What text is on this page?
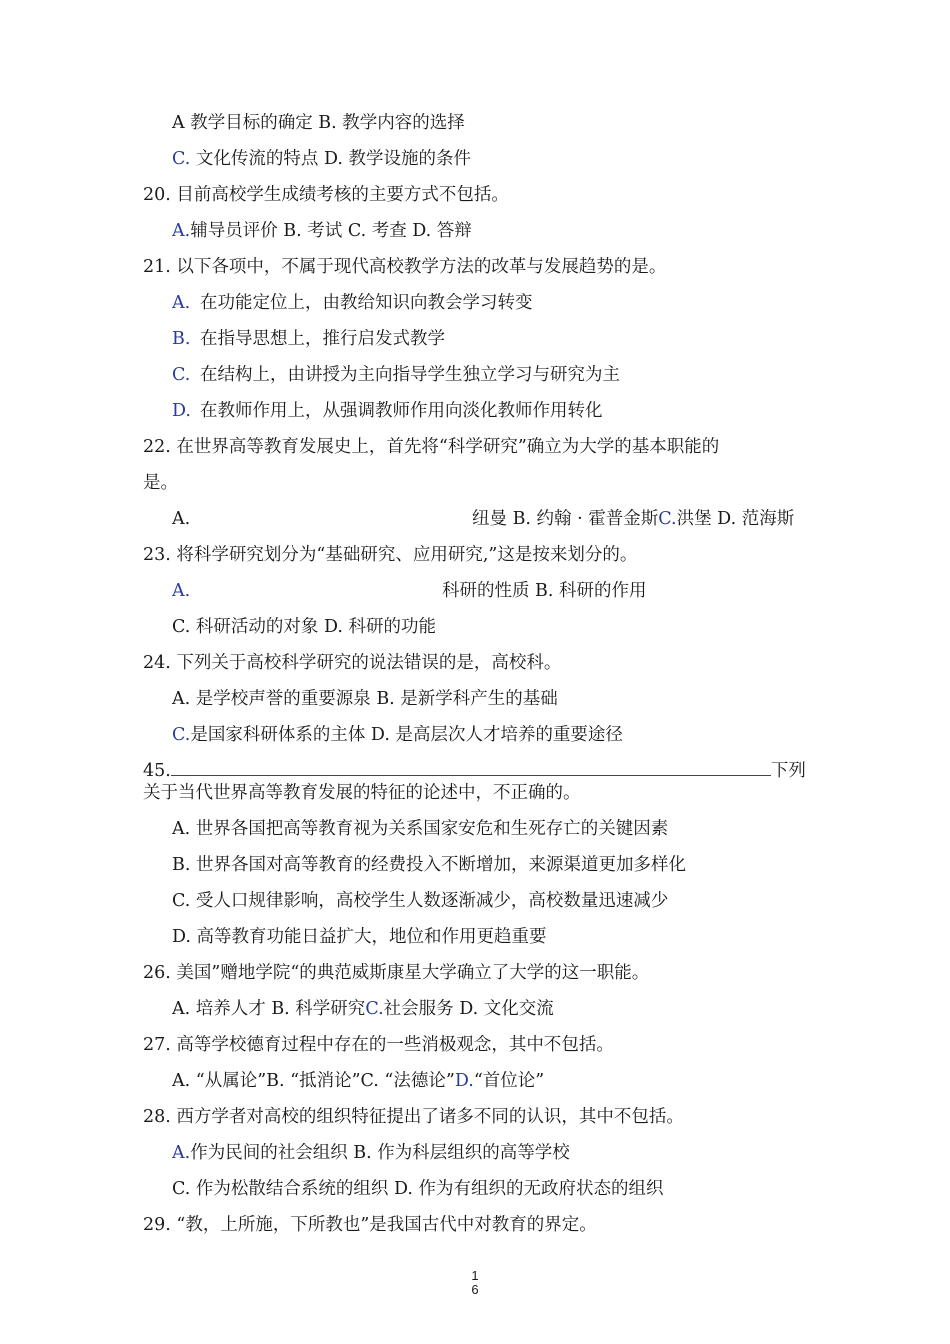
A 教学目标的确定 B. 教学内容的选择
C. 文化传流的特点 D. 教学设施的条件
20. 目前高校学生成绩考核的主要方式不包括。
A.辅导员评价 B. 考试 C. 考查 D. 答辩
21. 以下各项中，不属于现代高校教学方法的改革与发展趋势的是。
A. 在功能定位上，由教给知识向教会学习转变
B. 在指导思想上，推行启发式教学
C. 在结构上，由讲授为主向指导学生独立学习与研究为主
D. 在教师作用上，从强调教师作用向淡化教师作用转化
22. 在世界高等教育发展史上，首先将“科学研究”确立为大学的基本职能的
是。
A.	纽曼 B. 约翰 · 霍普金斯C.洪堡 D. 范海斯
23. 将科学研究划分为“基础研究、应用研究,”这是按来划分的。
A.	科研的性质 B. 科研的作用
C. 科研活动的对象 D. 科研的功能
24. 下列关于高校科学研究的说法错误的是，高校科。
A. 是学校声誉的重要源泉 B. 是新学科产生的基础
C.是国家科研体系的主体 D. 是高层次人才培养的重要途径
45.	下列
关于当代世界高等教育发展的特征的论述中，不正确的。
A. 世界各国把高等教育视为关系国家安危和生死存亡的关键因素
B. 世界各国对高等教育的经费投入不断增加，来源渠道更加多样化
C. 受人口规律影响，高校学生人数逐渐减少，高校数量迅速减少
D. 高等教育功能日益扩大，地位和作用更趋重要
26. 美国”赠地学院“的典范威斯康星大学确立了大学的这一职能。
A. 培养人才 B. 科学研究C.社会服务 D. 文化交流
27. 高等学校德育过程中存在的一些消极观念，其中不包括。
A. “从属论”B. “抵消论”C. “法德论”D.“首位论”
28. 西方学者对高校的组织特征提出了诸多不同的认识，其中不包括。
A.作为民间的社会组织 B. 作为科层组织的高等学校
C. 作为松散结合系统的组织 D. 作为有组织的无政府状态的组织
29. “教，上所施，下所教也”是我国古代中对教育的界定。
1
6
